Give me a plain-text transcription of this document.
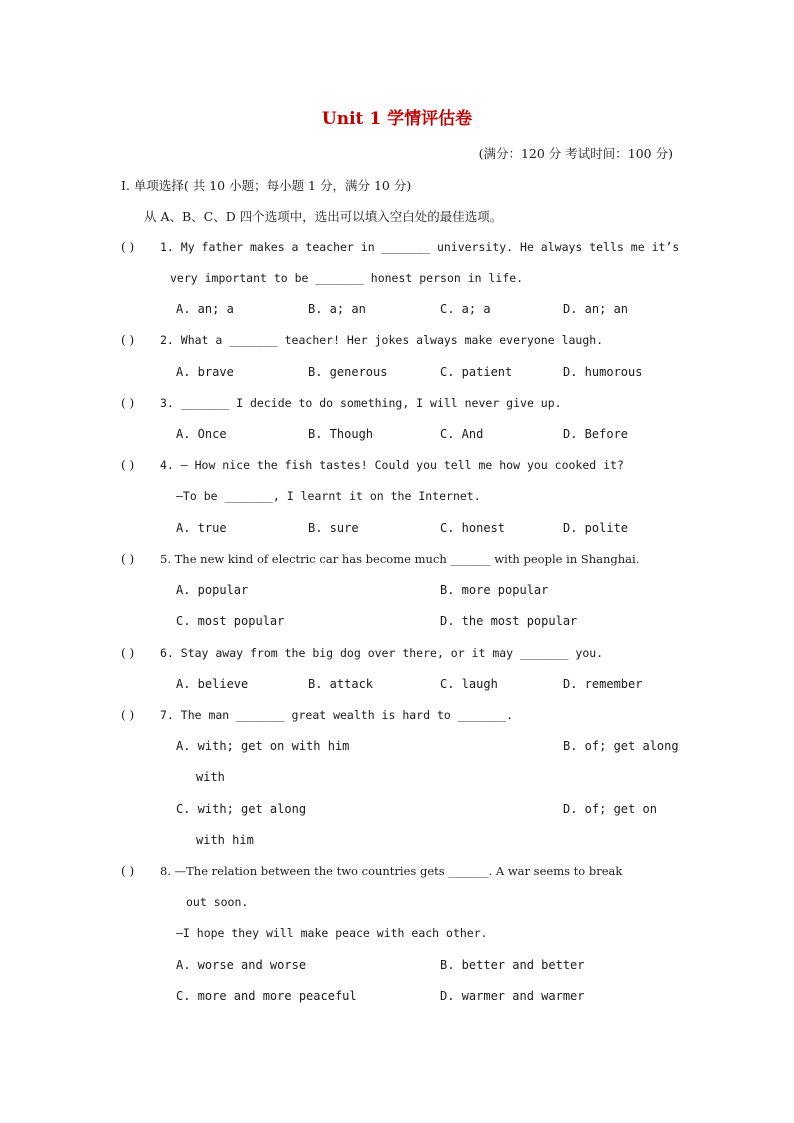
Unit 1 学情评估卷
(满分：120 分 考试时间：100 分)
I. 单项选择( 共 10 小题；每小题 1 分，满分 10 分)
从 A、B、C、D 四个选项中，选出可以填入空白处的最佳选项。
( ) 1. My father makes a teacher in _______ university. He always tells me it’s
very important to be _______ honest person in life.
A. an; a	B. a; an	C. a; a	D. an; an
( ) 2. What a _______ teacher! Her jokes always make everyone laugh.
A. brave	B. generous	C. patient	D. humorous
( ) 3. _______ I decide to do something, I will never give up.
A. Once	B. Though	C. And	D. Before
( ) 4. — How nice the fish tastes! Could you tell me how you cooked it?
—To be _______, I learnt it on the Internet.
A. true	B. sure	C. honest	D. polite
( ) 5. The new kind of electric car has become much _______ with people in Shanghai.
A. popular	B. more popular
C. most popular	D. the most popular
( ) 6. Stay away from the big dog over there, or it may _______ you.
A. believe	B. attack	C. laugh	D. remember
( ) 7. The man _______ great wealth is hard to _______.
A. with; get on with him	B. of; get along
with
C. with; get along	D. of; get on
with him
( ) 8. —The relation between the two countries gets _______. A war seems to break
out soon.
—I hope they will make peace with each other.
A. worse and worse	B. better and better
C. more and more peaceful	D. warmer and warmer
